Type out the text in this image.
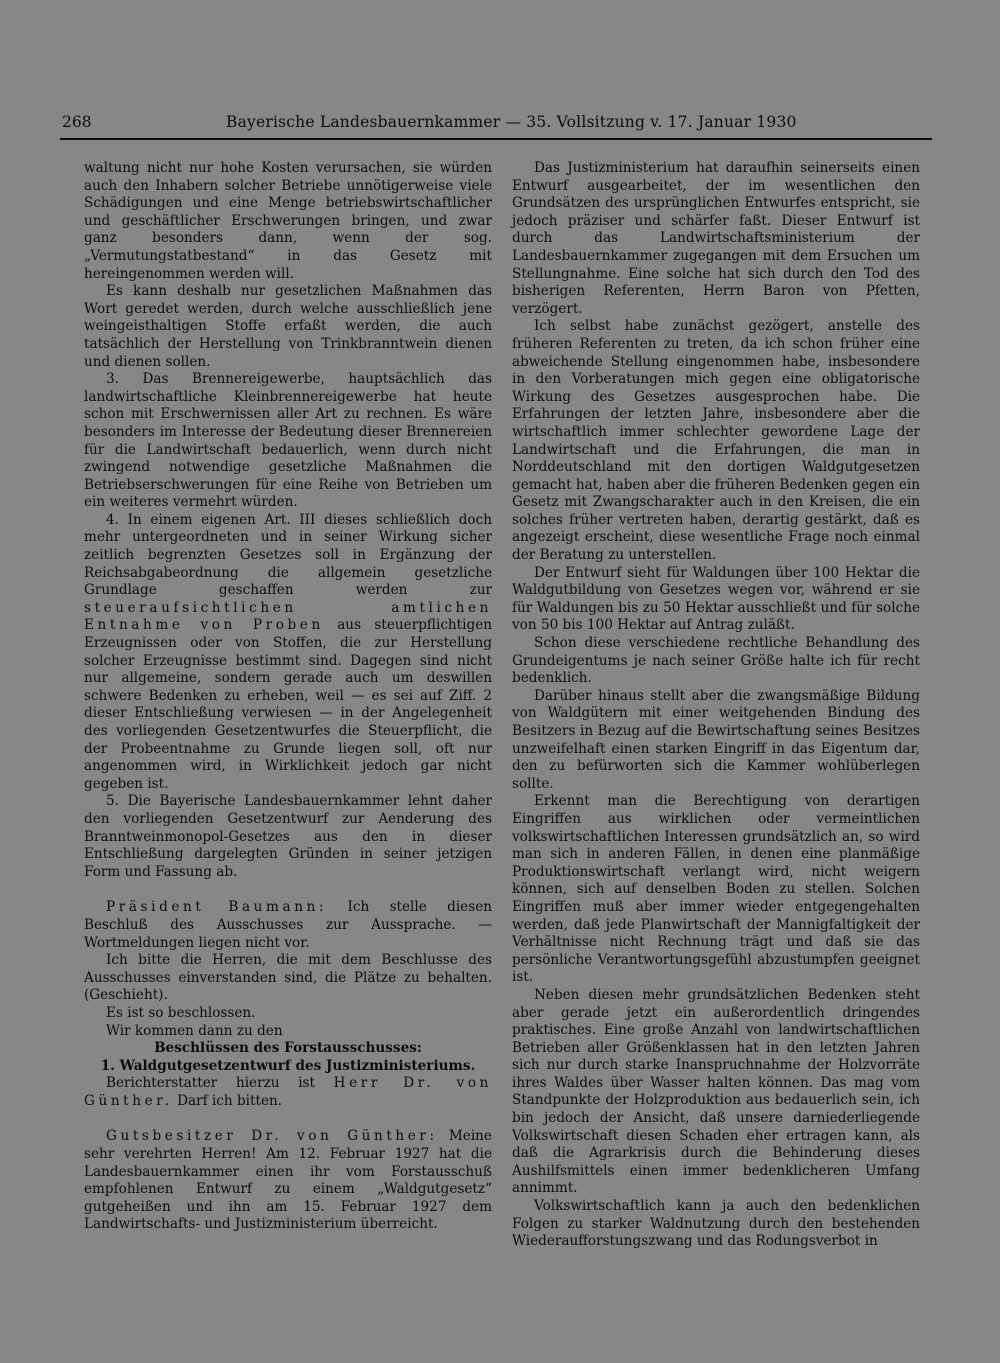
268	Bayerische Landesbauernkammer — 35. Vollsitzung v. 17. Januar 1930

waltung nicht nur hohe Kosten verursachen, sie würden auch den Inhabern solcher Betriebe unnötigerweise viele Schädigungen und eine Menge betriebswirtschaftlicher und geschäftlicher Erschwerungen bringen, und zwar ganz besonders dann, wenn der sog. „Vermutungstatbestand“ in das Gesetz mit hereingenommen werden will.

Es kann deshalb nur gesetzlichen Maßnahmen das Wort geredet werden, durch welche ausschließlich jene weingeisthaltigen Stoffe erfaßt werden, die auch tatsächlich der Herstellung von Trinkbranntwein dienen und dienen sollen.

3. Das Brennereigewerbe, hauptsächlich das landwirtschaftliche Kleinbrennereigewerbe hat heute schon mit Erschwernissen aller Art zu rechnen. Es wäre besonders im Interesse der Bedeutung dieser Brennereien für die Landwirtschaft bedauerlich, wenn durch nicht zwingend notwendige gesetzliche Maßnahmen die Betriebserschwerungen für eine Reihe von Betrieben um ein weiteres vermehrt würden.

4. In einem eigenen Art. III dieses schließlich doch mehr untergeordneten und in seiner Wirkung sicher zeitlich begrenzten Gesetzes soll in Ergänzung der Reichsabgabeordnung die allgemein gesetzliche Grundlage geschaffen werden zur steueraufsichtlichen amtlichen Entnahme von Proben aus steuerpflichtigen Erzeugnissen oder von Stoffen, die zur Herstellung solcher Erzeugnisse bestimmt sind. Dagegen sind nicht nur allgemeine, sondern gerade auch um deswillen schwere Bedenken zu erheben, weil — es sei auf Ziff. 2 dieser Entschließung verwiesen — in der Angelegenheit des vorliegenden Gesetzentwurfes die Steuerpflicht, die der Probeentnahme zu Grunde liegen soll, oft nur angenommen wird, in Wirklichkeit jedoch gar nicht gegeben ist.

5. Die Bayerische Landesbauernkammer lehnt daher den vorliegenden Gesetzentwurf zur Aenderung des Branntweinmonopol-Gesetzes aus den in dieser Entschließung dargelegten Gründen in seiner jetzigen Form und Fassung ab.

Präsident Baumann: Ich stelle diesen Beschluß des Ausschusses zur Aussprache. — Wortmeldungen liegen nicht vor.

Ich bitte die Herren, die mit dem Beschlusse des Ausschusses einverstanden sind, die Plätze zu behalten. (Geschieht).

Es ist so beschlossen.

Wir kommen dann zu den

Beschlüssen des Forstausschusses:

1. Waldgutgesetzentwurf des Justizministeriums.

Berichterstatter hierzu ist Herr Dr. von Günther. Darf ich bitten.

Gutsbesitzer Dr. von Günther: Meine sehr verehrten Herren! Am 12. Februar 1927 hat die Landesbauernkammer einen ihr vom Forstausschuß empfohlenen Entwurf zu einem „Waldgutgesetz“ gutgeheißen und ihn am 15. Februar 1927 dem Landwirtschafts- und Justizministerium überreicht.

Das Justizministerium hat daraufhin seinerseits einen Entwurf ausgearbeitet, der im wesentlichen den Grundsätzen des ursprünglichen Entwurfes entspricht, sie jedoch präziser und schärfer faßt. Dieser Entwurf ist durch das Landwirtschaftsministerium der Landesbauernkammer zugegangen mit dem Ersuchen um Stellungnahme. Eine solche hat sich durch den Tod des bisherigen Referenten, Herrn Baron von Pfetten, verzögert.

Ich selbst habe zunächst gezögert, anstelle des früheren Referenten zu treten, da ich schon früher eine abweichende Stellung eingenommen habe, insbesondere in den Vorberatungen mich gegen eine obligatorische Wirkung des Gesetzes ausgesprochen habe. Die Erfahrungen der letzten Jahre, insbesondere aber die wirtschaftlich immer schlechter gewordene Lage der Landwirtschaft und die Erfahrungen, die man in Norddeutschland mit den dortigen Waldgutgesetzen gemacht hat, haben aber die früheren Bedenken gegen ein Gesetz mit Zwangscharakter auch in den Kreisen, die ein solches früher vertreten haben, derartig gestärkt, daß es angezeigt erscheint, diese wesentliche Frage noch einmal der Beratung zu unterstellen.

Der Entwurf sieht für Waldungen über 100 Hektar die Waldgutbildung von Gesetzes wegen vor, während er sie für Waldungen bis zu 50 Hektar ausschließt und für solche von 50 bis 100 Hektar auf Antrag zuläßt.

Schon diese verschiedene rechtliche Behandlung des Grundeigentums je nach seiner Größe halte ich für recht bedenklich.

Darüber hinaus stellt aber die zwangsmäßige Bildung von Waldgütern mit einer weitgehenden Bindung des Besitzers in Bezug auf die Bewirtschaftung seines Besitzes unzweifelhaft einen starken Eingriff in das Eigentum dar, den zu befürworten sich die Kammer wohlüberlegen sollte.

Erkennt man die Berechtigung von derartigen Eingriffen aus wirklichen oder vermeintlichen volkswirtschaftlichen Interessen grundsätzlich an, so wird man sich in anderen Fällen, in denen eine planmäßige Produktionswirtschaft verlangt wird, nicht weigern können, sich auf denselben Boden zu stellen. Solchen Eingriffen muß aber immer wieder entgegengehalten werden, daß jede Planwirtschaft der Mannigfaltigkeit der Verhältnisse nicht Rechnung trägt und daß sie das persönliche Verantwortungsgefühl abzustumpfen geeignet ist.

Neben diesen mehr grundsätzlichen Bedenken steht aber gerade jetzt ein außerordentlich dringendes praktisches. Eine große Anzahl von landwirtschaftlichen Betrieben aller Größenklassen hat in den letzten Jahren sich nur durch starke Inanspruchnahme der Holzvorräte ihres Waldes über Wasser halten können. Das mag vom Standpunkte der Holzproduktion aus bedauerlich sein, ich bin jedoch der Ansicht, daß unsere darniederliegende Volkswirtschaft diesen Schaden eher ertragen kann, als daß die Agrarkrisis durch die Behinderung dieses Aushilfsmittels einen immer bedenklicheren Umfang annimmt.

Volkswirtschaftlich kann ja auch den bedenklichen Folgen zu starker Waldnutzung durch den bestehenden Wiederaufforstungszwang und das Rodungsverbot in
